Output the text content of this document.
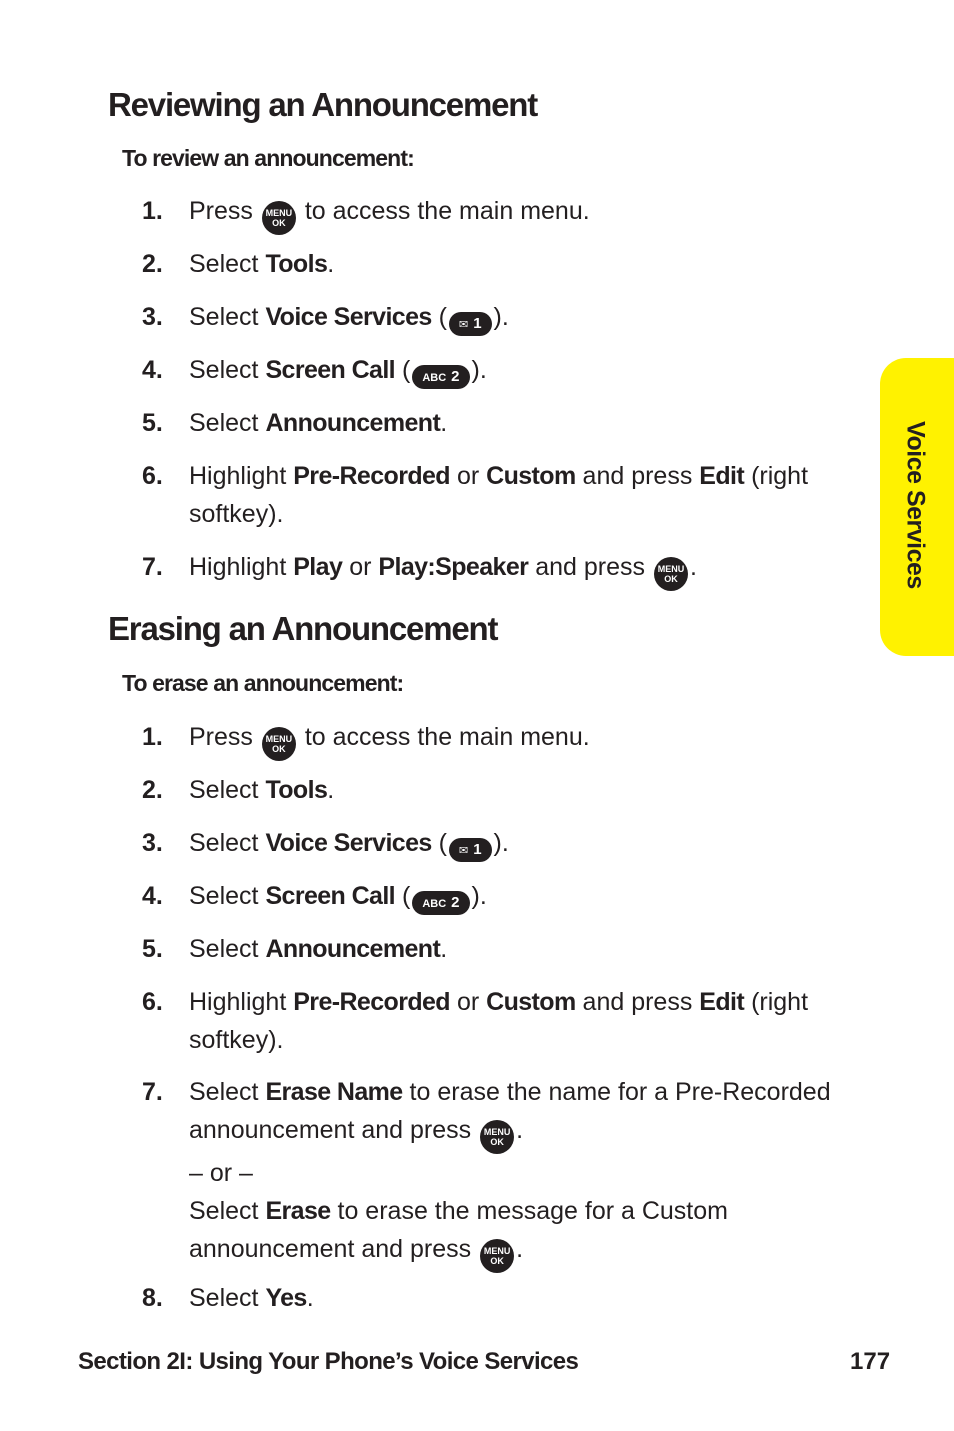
Reviewing an Announcement
To review an announcement:
1. Press	MENU
OK to access the main menu.
2. Select Tools.
3. Select Voice Services ( ✉ 1 ).
4. Select Screen Call ( ABC 2 ).
5. Select Announcement.
6. Highlight Pre-Recorded or Custom and press Edit (right
softkey).
7. Highlight Play or Play:Speaker and press	MENU
OK .
Erasing an Announcement
To erase an announcement:
1. Press	MENU
OK to access the main menu.
2. Select Tools.
3. Select Voice Services ( ✉ 1 ).
4. Select Screen Call ( ABC 2 ).
5. Select Announcement.
6. Highlight Pre-Recorded or Custom and press Edit (right
softkey).
7. Select Erase Name to erase the name for a Pre-Recorded
announcement and press	MENU
OK .
– or –
Select Erase to erase the message for a Custom
announcement and press	MENU
OK .
8. Select Yes.
Voice Services
Section 2I: Using Your Phone’s Voice Services	177
